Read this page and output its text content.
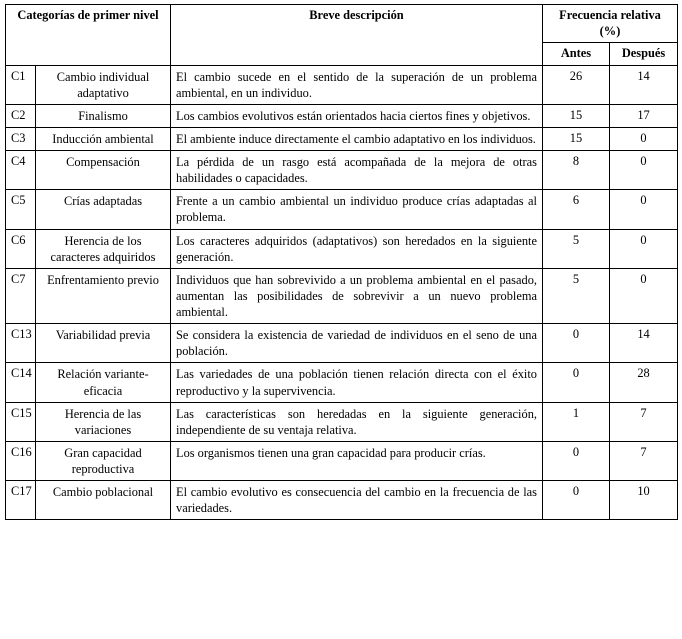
Categorías de primer nivel		Breve descripción	Frecuencia relativa (%)	
			Antes	Después
C1	Cambio individual adaptativo	El cambio sucede en el sentido de la superación de un problema ambiental, en un individuo.	26	14
C2	Finalismo	Los cambios evolutivos están orientados hacia ciertos fines y objetivos.	15	17
C3	Inducción ambiental	El ambiente induce directamente el cambio adaptativo en los individuos.	15	0
C4	Compensación	La pérdida de un rasgo está acompañada de la mejora de otras habilidades o capacidades.	8	0
C5	Crías adaptadas	Frente a un cambio ambiental un individuo produce crías adaptadas al problema.	6	0
C6	Herencia de los caracteres adquiridos	Los caracteres adquiridos (adaptativos) son heredados en la siguiente generación.	5	0
C7	Enfrentamiento previo	Individuos que han sobrevivido a un problema ambiental en el pasado, aumentan las posibilidades de sobrevivir a un nuevo problema ambiental.	5	0
C13	Variabilidad previa	Se considera la existencia de variedad de individuos en el seno de una población.	0	14
C14	Relación variante-eficacia	Las variedades de una población tienen relación directa con el éxito reproductivo y la supervivencia.	0	28
C15	Herencia de las variaciones	Las características son heredadas en la siguiente generación, independiente de su ventaja relativa.	1	7
C16	Gran capacidad reproductiva	Los organismos tienen una gran capacidad para producir crías.	0	7
C17	Cambio poblacional	El cambio evolutivo es consecuencia del cambio en la frecuencia de las variedades.	0	10
